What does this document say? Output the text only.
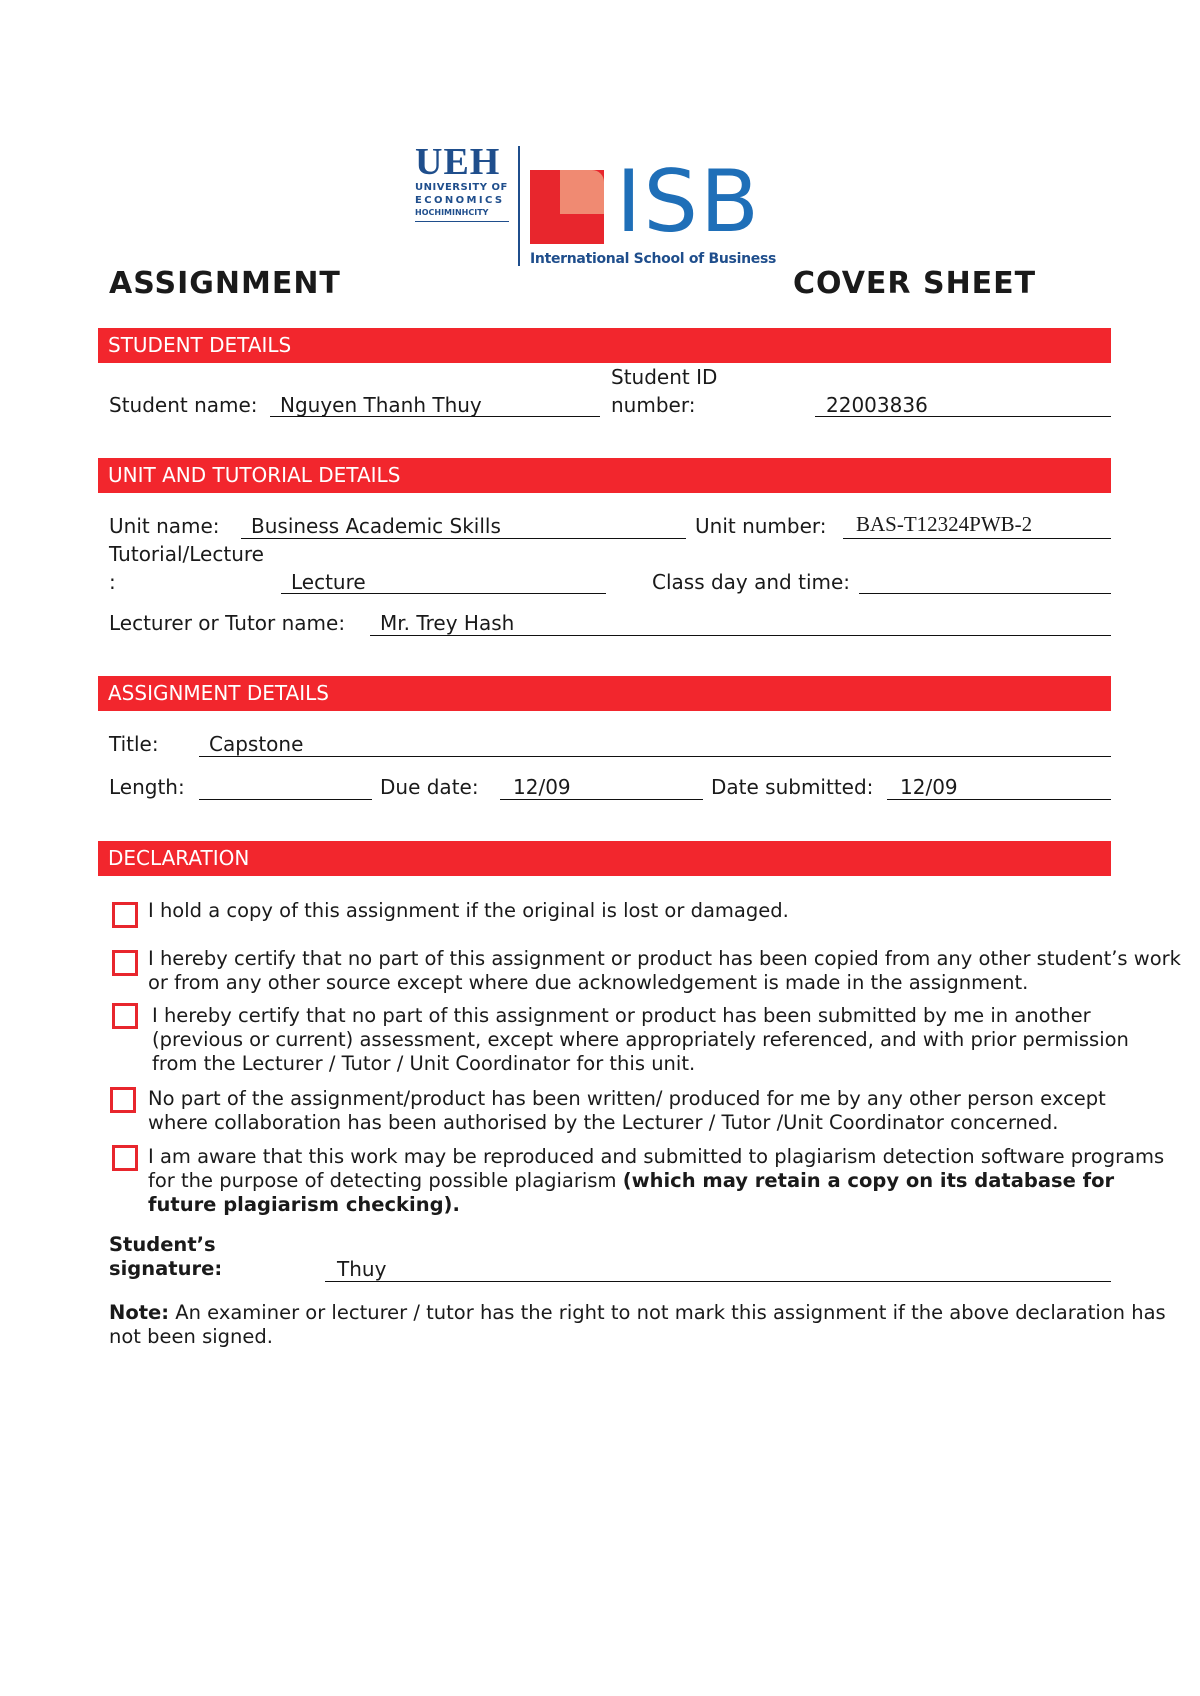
UEH
UNIVERSITY OF
ECONOMICS
HOCHIMINHCITY	ISB
International School of Business
ASSIGNMENT	COVER SHEET
STUDENT DETAILS
Student name: Nguyen Thanh Thuy
Student ID
number:	22003836
UNIT AND TUTORIAL DETAILS
Unit name: Business Academic Skills	Unit number: BAS-T12324PWB-2
Tutorial/Lecture
:	Lecture	Class day and time:
Lecturer or Tutor name: Mr. Trey Hash
ASSIGNMENT DETAILS
Title:	Capstone
Length:	Due date: 12/09	Date submitted: 12/09
DECLARATION
I hold a copy of this assignment if the original is lost or damaged.
I hereby certify that no part of this assignment or product has been copied from any other student’s work
or from any other source except where due acknowledgement is made in the assignment.
I hereby certify that no part of this assignment or product has been submitted by me in another
(previous or current) assessment, except where appropriately referenced, and with prior permission
from the Lecturer / Tutor / Unit Coordinator for this unit.
No part of the assignment/product has been written/ produced for me by any other person except
where collaboration has been authorised by the Lecturer / Tutor /Unit Coordinator concerned.
I am aware that this work may be reproduced and submitted to plagiarism detection software programs
for the purpose of detecting possible plagiarism (which may retain a copy on its database for
future plagiarism checking).
Student’s
signature:	Thuy
Note: An examiner or lecturer / tutor has the right to not mark this assignment if the above declaration has
not been signed.
